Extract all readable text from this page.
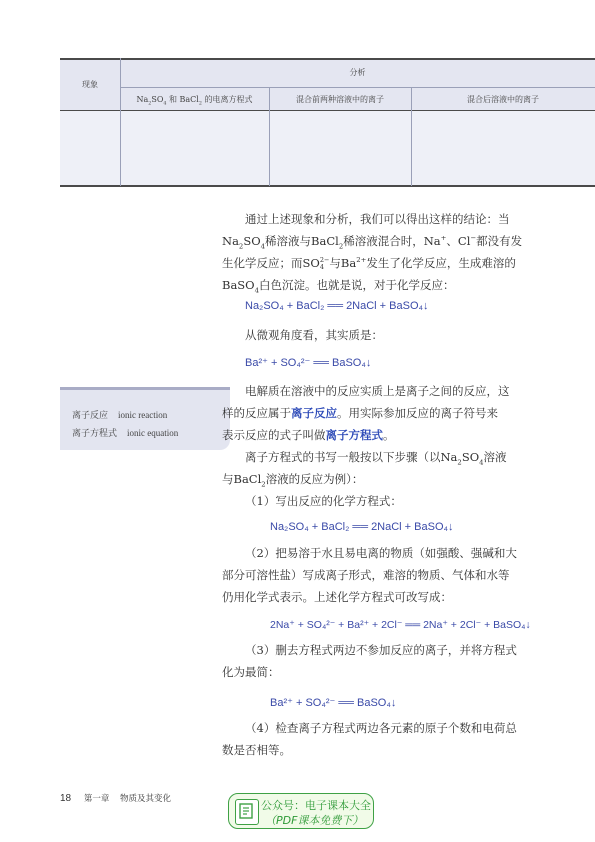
现象
分析
$Na_2SO_4$ 和 BaCl$_2$ 的电离方程式	混合前两种溶液中的离子	混合后溶液中的离子
通过上述现象和分析，我们可以得出这样的结论：当
$Na_2SO_4$稀溶液与BaCl$_2$稀溶液混合时，Na+、Cl−都没有发
生化学反应；而SO 2−
4 与$Ba^{2+}$发生了化学反应，生成难溶的
BaSO$_4$白色沉淀。也就是说，对于化学反应：
Na₂SO₄ + BaCl₂ ══ 2NaCl + BaSO₄↓
从微观角度看，其实质是：
Ba²⁺ + SO₄²⁻ ══ BaSO₄↓
离子反应 ionic reaction
离子方程式 ionic equation
电解质在溶液中的反应实质上是离子之间的反应，这
样的反应属于离子反应。用实际参加反应的离子符号来
表示反应的式子叫做离子方程式。
离子方程式的书写一般按以下步骤（以$Na_2SO_4$溶液
与BaCl$_2$溶液的反应为例）：
（1）写出反应的化学方程式：
Na₂SO₄ + BaCl₂ ══ 2NaCl + BaSO₄↓
（2）把易溶于水且易电离的物质（如强酸、强碱和大
部分可溶性盐）写成离子形式，难溶的物质、气体和水等
仍用化学式表示。上述化学方程式可改写成：
2Na⁺ + SO₄²⁻ + Ba²⁺ + 2Cl⁻ ══ 2Na⁺ + 2Cl⁻ + BaSO₄↓
（3）删去方程式两边不参加反应的离子，并将方程式
化为最简：
Ba²⁺ + SO₄²⁻ ══ BaSO₄↓
（4）检查离子方程式两边各元素的原子个数和电荷总
数是否相等。
18 第一章 物质及其变化	公众号：电子课本大全
（PDF课本免费下）
